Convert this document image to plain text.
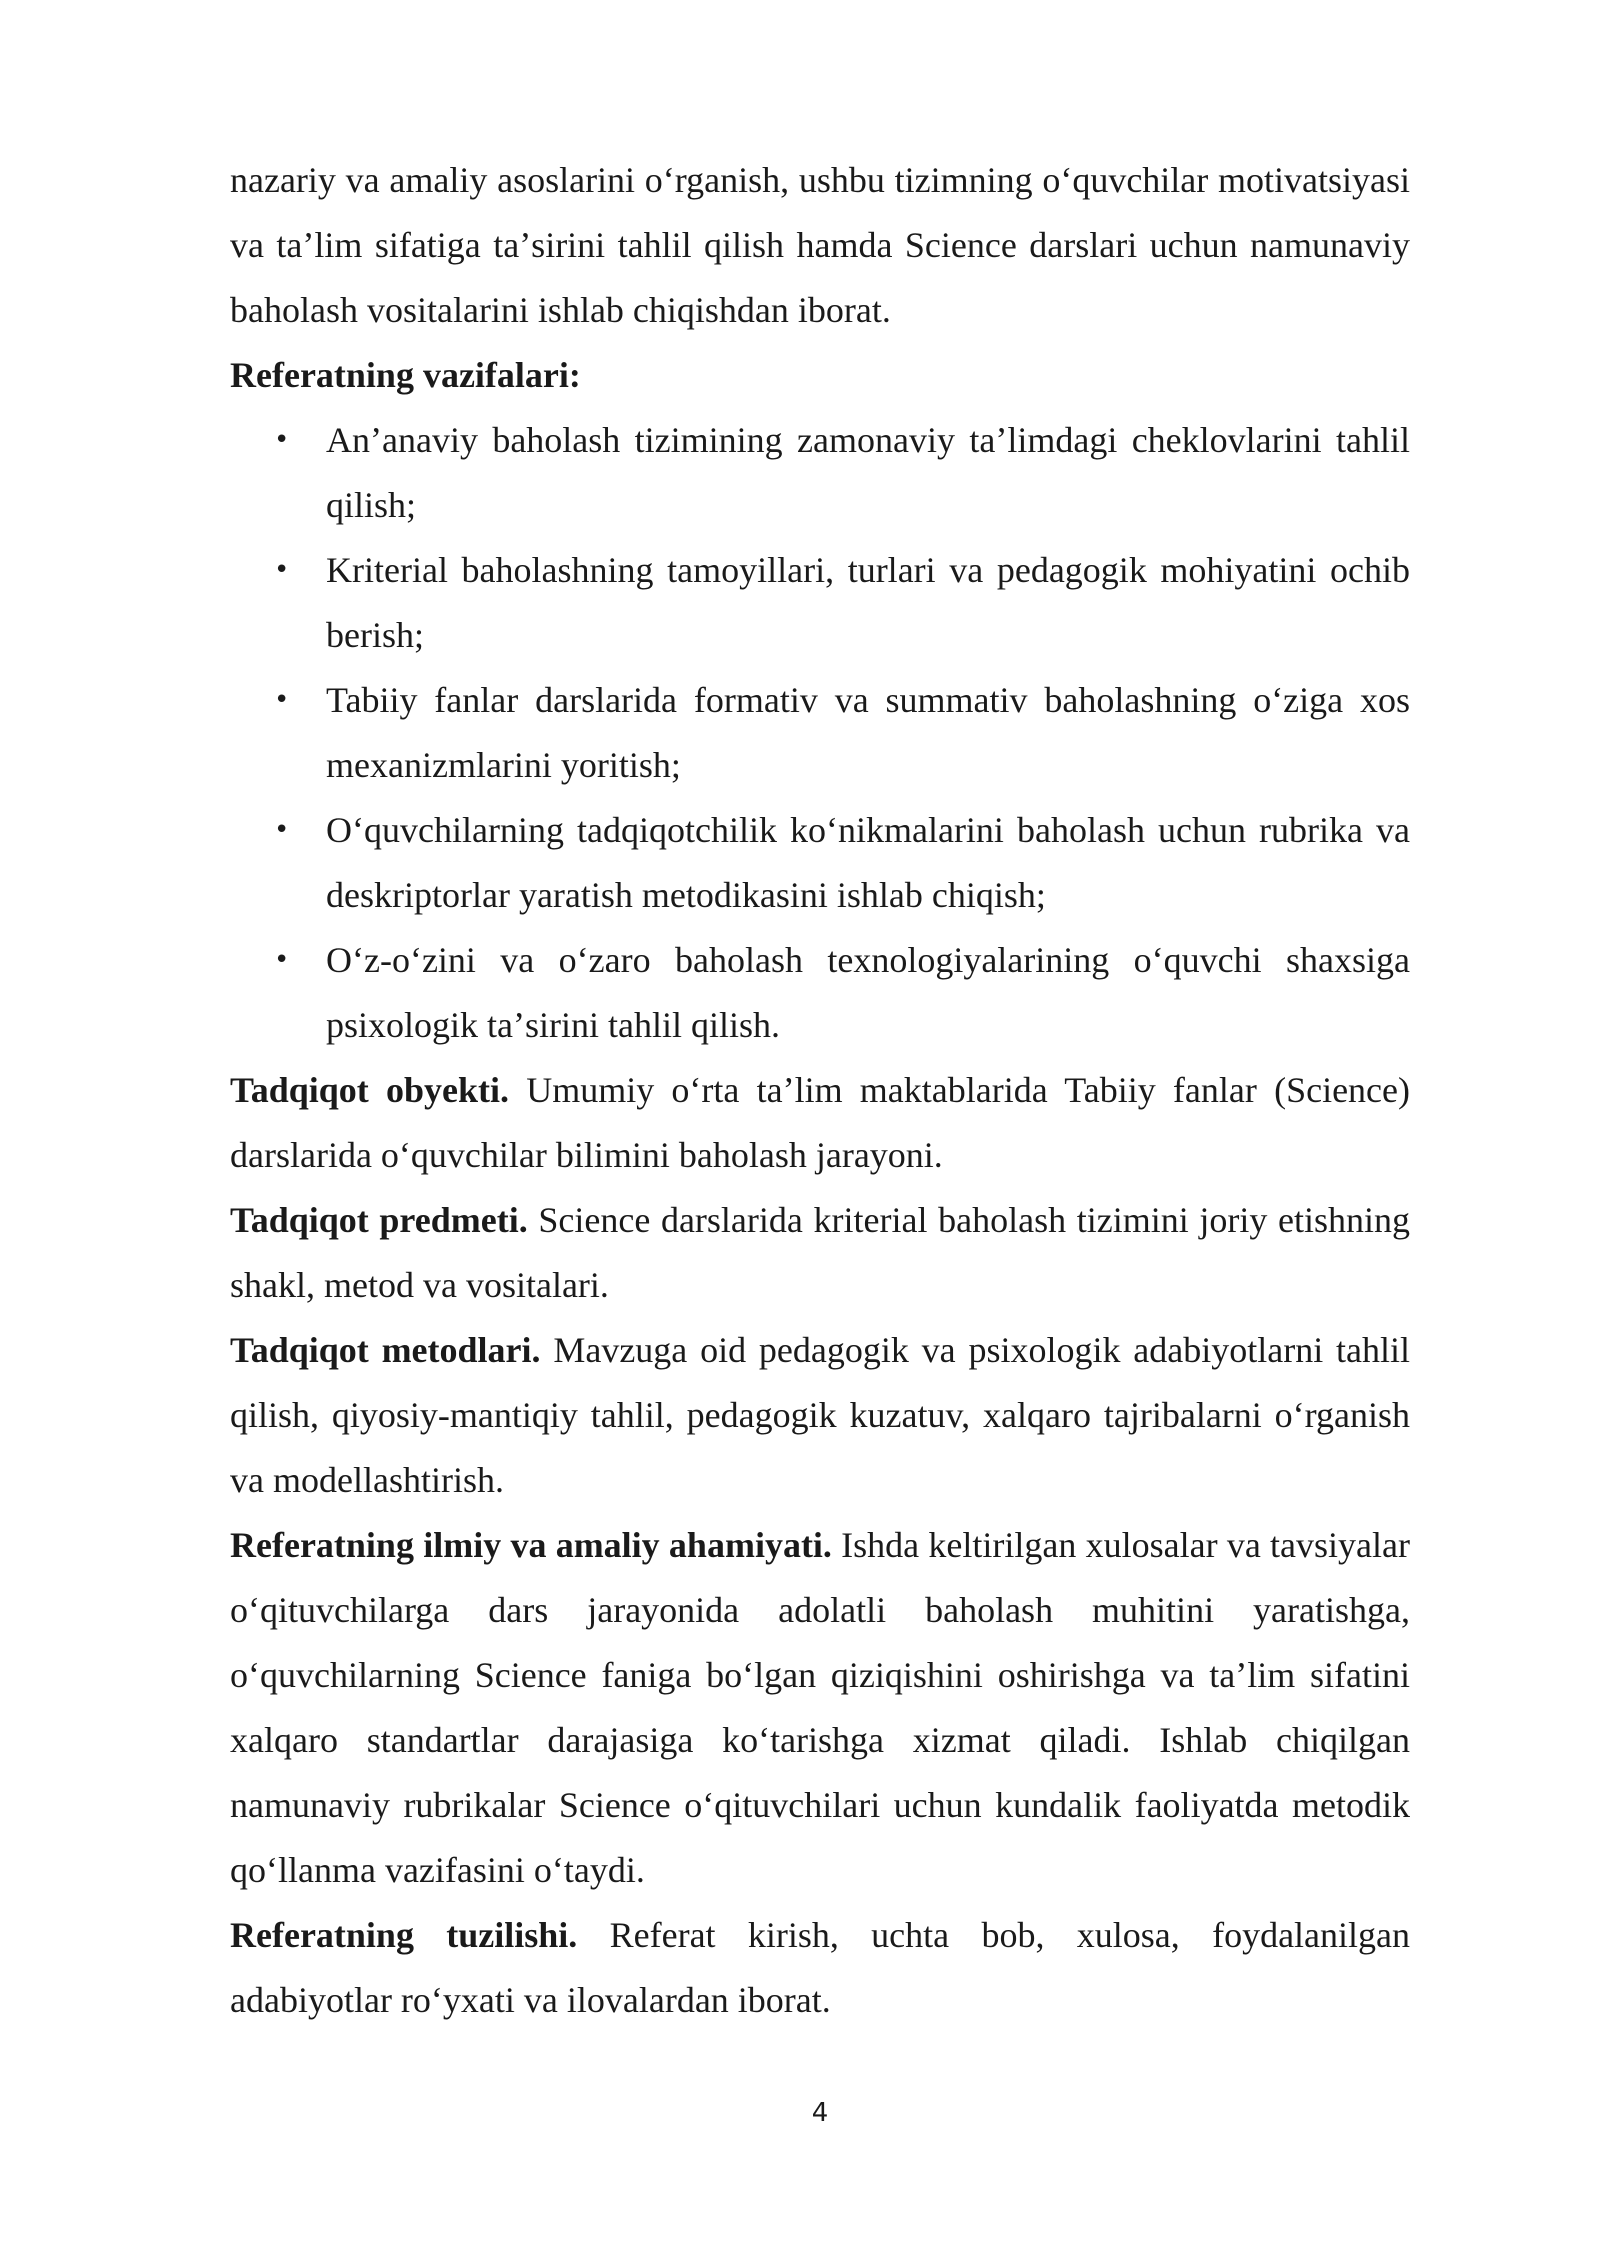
nazariy va amaliy asoslarini oʻrganish, ushbu tizimning oʻquvchilar motivatsiyasi va taʼlim sifatiga taʼsirini tahlil qilish hamda Science darslari uchun namunaviy baholash vositalarini ishlab chiqishdan iborat.

Referatning vazifalari:

• Anʼanaviy baholash tizimining zamonaviy taʼlimdagi cheklovlarini tahlil qilish;
• Kriterial baholashning tamoyillari, turlari va pedagogik mohiyatini ochib berish;
• Tabiiy fanlar darslarida formativ va summativ baholashning oʻziga xos mexanizmlarini yoritish;
• Oʻquvchilarning tadqiqotchilik koʻnikmalarini baholash uchun rubrika va deskriptorlar yaratish metodikasini ishlab chiqish;
• Oʻz-oʻzini va oʻzaro baholash texnologiyalarining oʻquvchi shaxsiga psixologik taʼsirini tahlil qilish.

Tadqiqot obyekti. Umumiy oʻrta taʼlim maktablarida Tabiiy fanlar (Science) darslarida oʻquvchilar bilimini baholash jarayoni.

Tadqiqot predmeti. Science darslarida kriterial baholash tizimini joriy etishning shakl, metod va vositalari.

Tadqiqot metodlari. Mavzuga oid pedagogik va psixologik adabiyotlarni tahlil qilish, qiyosiy-mantiqiy tahlil, pedagogik kuzatuv, xalqaro tajribalarni oʻrganish va modellashtirish.

Referatning ilmiy va amaliy ahamiyati. Ishda keltirilgan xulosalar va tavsiyalar oʻqituvchilarga dars jarayonida adolatli baholash muhitini yaratishga, oʻquvchilarning Science faniga boʻlgan qiziqishini oshirishga va taʼlim sifatini xalqaro standartlar darajasiga koʻtarishga xizmat qiladi. Ishlab chiqilgan namunaviy rubrikalar Science oʻqituvchilari uchun kundalik faoliyatda metodik qoʻllanma vazifasini oʻtaydi.

Referatning tuzilishi. Referat kirish, uchta bob, xulosa, foydalanilgan adabiyotlar roʻyxati va ilovalardan iborat.

4
